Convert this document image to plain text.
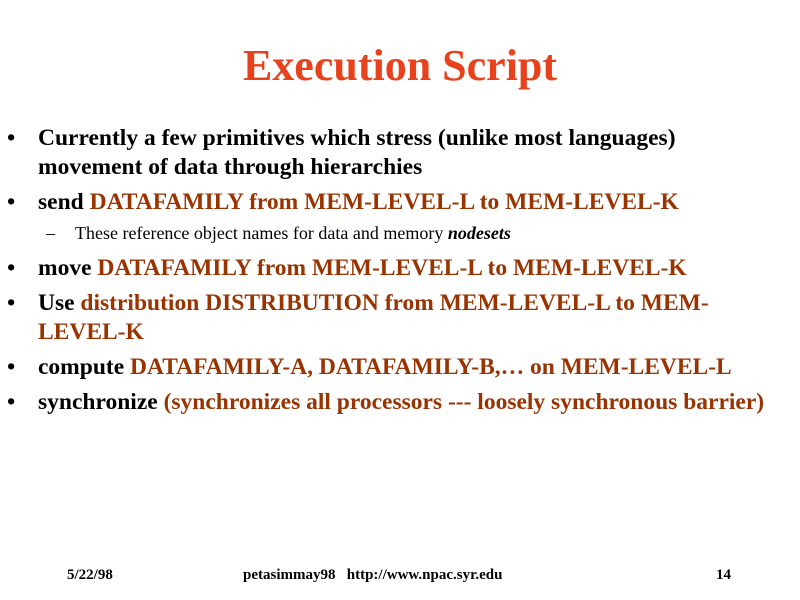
Execution Script
• Currently a few primitives which stress (unlike most languages) movement of data through hierarchies
• send DATAFAMILY from MEM-LEVEL-L to MEM-LEVEL-K
– These reference object names for data and memory nodesets
• move DATAFAMILY from MEM-LEVEL-L to MEM-LEVEL-K
• Use distribution DISTRIBUTION from MEM-LEVEL-L to MEM-LEVEL-K
• compute DATAFAMILY-A, DATAFAMILY-B,… on MEM-LEVEL-L
• synchronize (synchronizes all processors --- loosely synchronous barrier)
5/22/98	petasimmay98   http://www.npac.syr.edu	14
